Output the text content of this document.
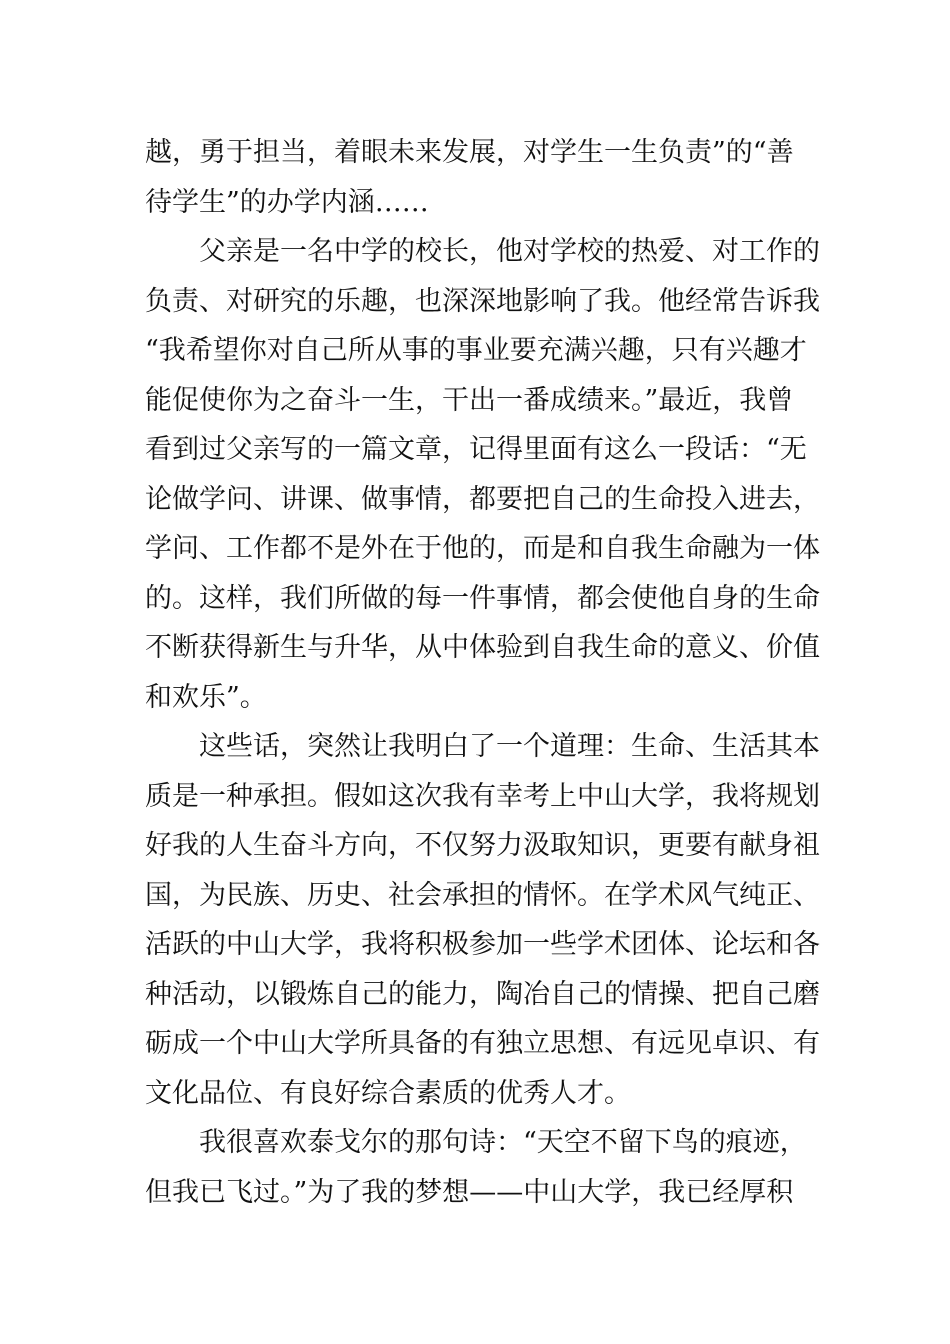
越，勇于担当，着眼未来发展，对学生一生负责”的“善
待学生”的办学内涵……
父亲是一名中学的校长，他对学校的热爱、对工作的
负责、对研究的乐趣，也深深地影响了我。他经常告诉我
“我希望你对自己所从事的事业要充满兴趣，只有兴趣才
能促使你为之奋斗一生，干出一番成绩来。”最近，我曾
看到过父亲写的一篇文章，记得里面有这么一段话：“无
论做学问、讲课、做事情，都要把自己的生命投入进去，
学问、工作都不是外在于他的，而是和自我生命融为一体
的。这样，我们所做的每一件事情，都会使他自身的生命
不断获得新生与升华，从中体验到自我生命的意义、价值
和欢乐”。
这些话，突然让我明白了一个道理：生命、生活其本
质是一种承担。假如这次我有幸考上中山大学，我将规划
好我的人生奋斗方向，不仅努力汲取知识，更要有献身祖
国，为民族、历史、社会承担的情怀。在学术风气纯正、
活跃的中山大学，我将积极参加一些学术团体、论坛和各
种活动，以锻炼自己的能力，陶冶自己的情操、把自己磨
砺成一个中山大学所具备的有独立思想、有远见卓识、有
文化品位、有良好综合素质的优秀人才。
我很喜欢泰戈尔的那句诗：“天空不留下鸟的痕迹，
但我已飞过。”为了我的梦想——中山大学，我已经厚积
